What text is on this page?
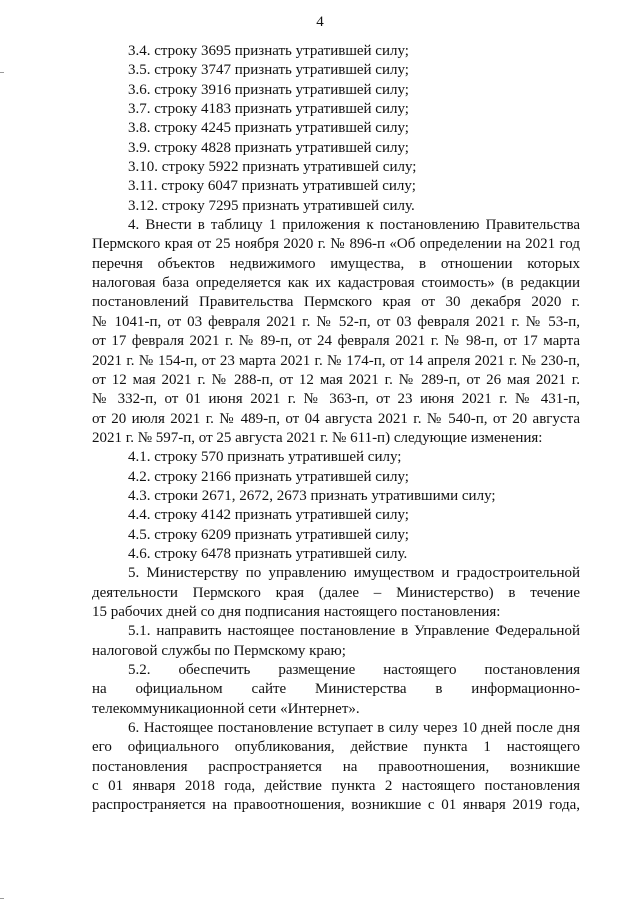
4

3.4. строку 3695 признать утратившей силу;

3.5. строку 3747 признать утратившей силу;

3.6. строку 3916 признать утратившей силу;

3.7. строку 4183 признать утратившей силу;

3.8. строку 4245 признать утратившей силу;

3.9. строку 4828 признать утратившей силу;

3.10. строку 5922 признать утратившей силу;

3.11. строку 6047 признать утратившей силу;

3.12. строку 7295 признать утратившей силу.

4. Внести в таблицу 1 приложения к постановлению Правительства
Пермского края от 25 ноября 2020 г. № 896-п «Об определении на 2021 год
перечня объектов недвижимого имущества, в отношении которых
налоговая база определяется как их кадастровая стоимость» (в редакции
постановлений Правительства Пермского края от 30 декабря 2020 г.
№ 1041-п, от 03 февраля 2021 г. № 52-п, от 03 февраля 2021 г. № 53-п,
от 17 февраля 2021 г. № 89-п, от 24 февраля 2021 г. № 98-п, от 17 марта
2021 г. № 154-п, от 23 марта 2021 г. № 174-п, от 14 апреля 2021 г. № 230-п,
от 12 мая 2021 г. № 288-п, от 12 мая 2021 г. № 289-п, от 26 мая 2021 г.
№ 332-п, от 01 июня 2021 г. № 363-п, от 23 июня 2021 г. № 431-п,
от 20 июля 2021 г. № 489-п, от 04 августа 2021 г. № 540-п, от 20 августа
2021 г. № 597-п, от 25 августа 2021 г. № 611-п) следующие изменения:

4.1. строку 570 признать утратившей силу;

4.2. строку 2166 признать утратившей силу;

4.3. строки 2671, 2672, 2673 признать утратившими силу;

4.4. строку 4142 признать утратившей силу;

4.5. строку 6209 признать утратившей силу;

4.6. строку 6478 признать утратившей силу.

5. Министерству по управлению имуществом и градостроительной
деятельности Пермского края (далее – Министерство) в течение
15 рабочих дней со дня подписания настоящего постановления:
5.1. направить настоящее постановление в Управление Федеральной
налоговой службы по Пермскому краю;
5.2. обеспечить размещение настоящего постановления
на официальном сайте Министерства в информационно-
телекоммуникационной сети «Интернет».
6. Настоящее постановление вступает в силу через 10 дней после дня
его официального опубликования, действие пункта 1 настоящего
постановления распространяется на правоотношения, возникшие
с 01 января 2018 года, действие пункта 2 настоящего постановления
распространяется на правоотношения, возникшие с 01 января 2019 года,
